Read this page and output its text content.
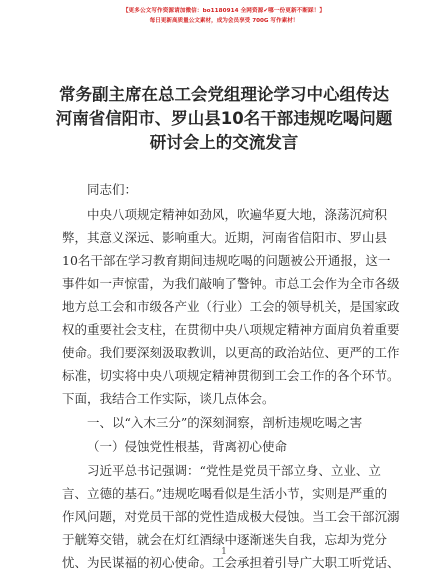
【更多公文写作资源请加微信：bo1180914 全网资源✔哪一份更新不断踩！】
每日更新高质量公文素材，成为会员享受 700G 写作素材！
常务副主席在总工会党组理论学习中心组传达
河南省信阳市、罗山县10名干部违规吃喝问题
研讨会上的交流发言
同志们：
中央八项规定精神如劲风，吹遍华夏大地，涤荡沉疴积
弊，其意义深远、影响重大。近期，河南省信阳市、罗山县
10名干部在学习教育期间违规吃喝的问题被公开通报，这一
事件如一声惊雷，为我们敲响了警钟。市总工会作为全市各级
地方总工会和市级各产业（行业）工会的领导机关，是国家政
权的重要社会支柱，在贯彻中央八项规定精神方面肩负着重要
使命。我们要深刻汲取教训，以更高的政治站位、更严的工作
标准，切实将中央八项规定精神贯彻到工会工作的各个环节。
下面，我结合工作实际，谈几点体会。
一、以“入木三分”的深刻洞察，剖析违规吃喝之害
（一）侵蚀党性根基，背离初心使命
习近平总书记强调：“党性是党员干部立身、立业、立
言、立德的基石。”违规吃喝看似是生活小节，实则是严重的
作风问题，对党员干部的党性造成极大侵蚀。当工会干部沉溺
于觥筹交错，就会在灯红酒绿中逐渐迷失自我，忘却为党分
忧、为民谋福的初心使命。工会承担着引导广大职工听党话、
1
